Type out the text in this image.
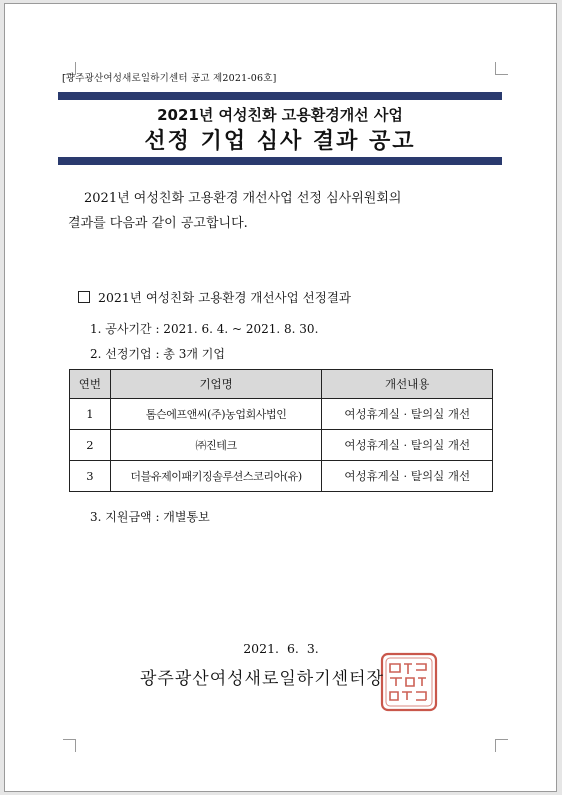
[광주광산여성새로일하기센터 공고 제2021-06호]
2021년 여성친화 고용환경개선 사업
선정 기업 심사 결과 공고
2021년 여성친화 고용환경 개선사업 선정 심사위원회의
결과를 다음과 같이 공고합니다.
2021년 여성친화 고용환경 개선사업 선정결과
1. 공사기간 : 2021. 6. 4. ~ 2021. 8. 30.
2. 선정기업 : 총 3개 기업
연번	기업명	개선내용
1	톰슨에프앤씨(주)농업회사법인	여성휴게실 · 탈의실 개선
2	㈜진테크	여성휴게실 · 탈의실 개선
3	더블유제이패키징솔루션스코리아(유)	여성휴게실 · 탈의실 개선
3. 지원금액 : 개별통보
2021.  6.  3.
광주광산여성새로일하기센터장
